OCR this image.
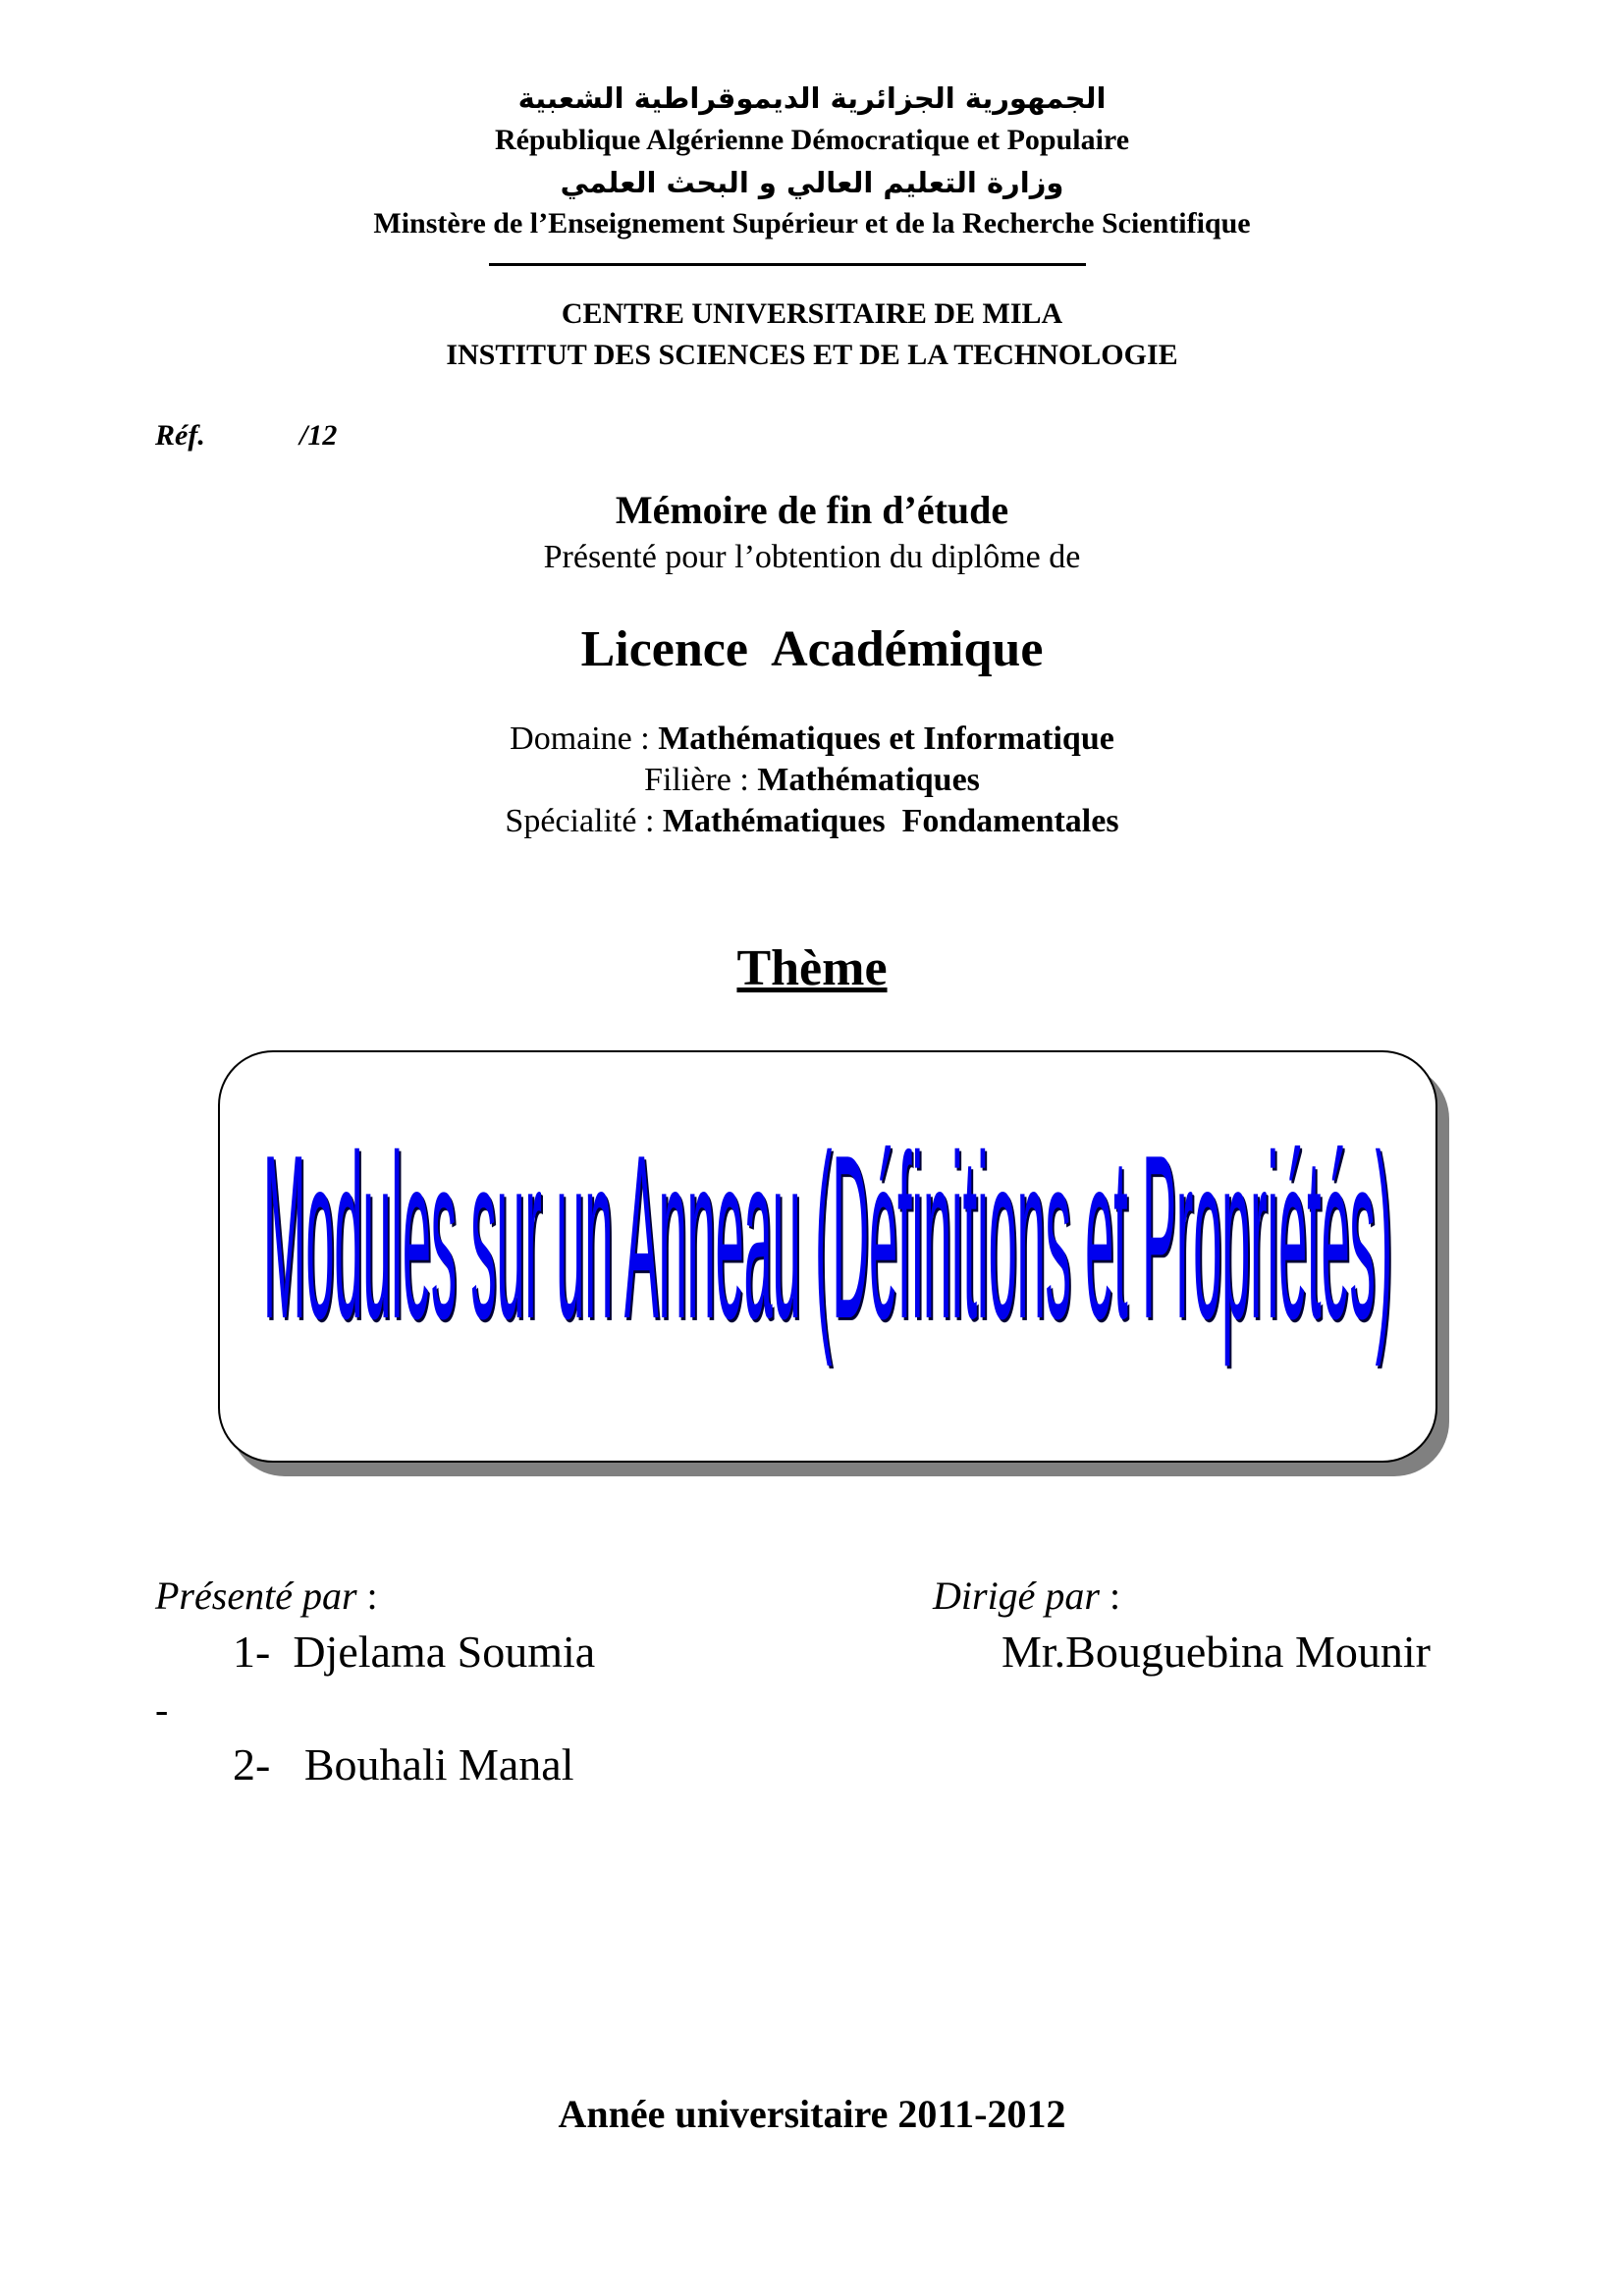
الجمهورية الجزائرية الديموقراطية الشعبية
République Algérienne Démocratique et Populaire
وزارة التعليم العالي و البحث العلمي
Minstère de l’Enseignement Supérieur et de la Recherche Scientifique
CENTRE UNIVERSITAIRE DE MILA
INSTITUT DES SCIENCES ET DE LA TECHNOLOGIE
Réf.	/12
Mémoire de fin d’étude
Présenté pour l’obtention du diplôme de
Licence  Académique
Domaine : Mathématiques et Informatique
Filière : Mathématiques
Spécialité : Mathématiques  Fondamentales
Thème
Modules sur un Anneau (Définitions et Propriétés)
Présenté par :
1-  Djelama Soumia
-
2-   Bouhali Manal
Dirigé par :
Mr.Bouguebina Mounir
Année universitaire 2011-2012
